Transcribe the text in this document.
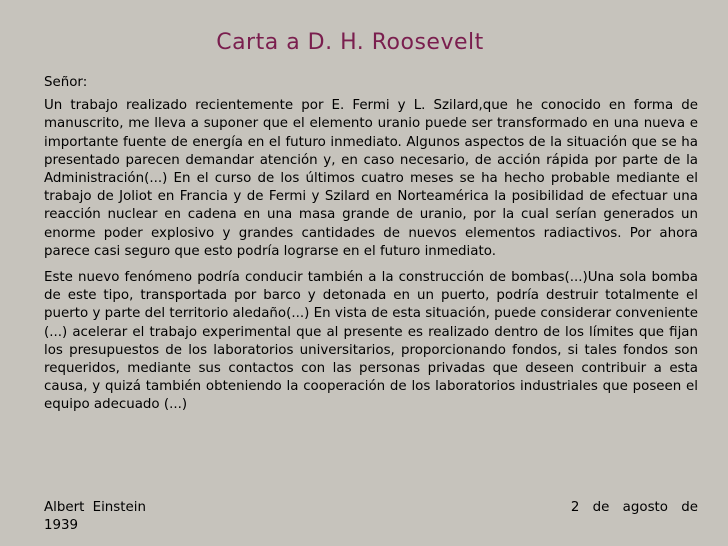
Carta a D. H. Roosevelt

Señor:

Un trabajo realizado recientemente por E. Fermi y L. Szilard,que he conocido en forma de manuscrito, me lleva a suponer que el elemento uranio puede ser transformado en una nueva e importante fuente de energía en el futuro inmediato. Algunos aspectos de la situación que se ha presentado parecen demandar atención y, en caso necesario, de acción rápida por parte de la Administración(...) En el curso de los últimos cuatro meses se ha hecho probable mediante el trabajo de Joliot en Francia y de Fermi y Szilard en Norteamérica la posibilidad de efectuar una reacción nuclear en cadena en una masa grande de uranio, por la cual serían generados un enorme poder explosivo y grandes cantidades de nuevos elementos radiactivos. Por ahora parece casi seguro que esto podría lograrse en el futuro inmediato.

Este nuevo fenómeno podría conducir también a la construcción de bombas(...)Una sola bomba de este tipo, transportada por barco y detonada en un puerto, podría destruir totalmente el puerto y parte del territorio aledaño(...) En vista de esta situación, puede considerar conveniente (...) acelerar el trabajo experimental que al presente es realizado dentro de los límites que fijan los presupuestos de los laboratorios universitarios, proporcionando fondos, si tales fondos son requeridos, mediante sus contactos con las personas privadas que deseen contribuir a esta causa, y quizá también obteniendo la cooperación de los laboratorios industriales que poseen el equipo adecuado (...)

Albert Einstein	2 de agosto de
1939
